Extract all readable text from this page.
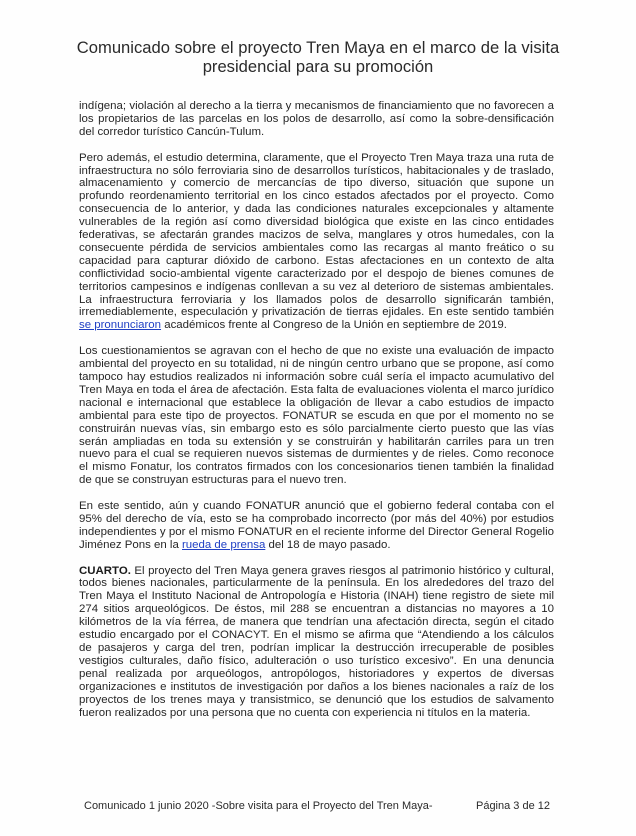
Comunicado sobre el proyecto Tren Maya en el marco de la visita presidencial para su promoción

indígena; violación al derecho a la tierra y mecanismos de financiamiento que no favorecen a los propietarios de las parcelas en los polos de desarrollo, así como la sobre-densificación del corredor turístico Cancún-Tulum.

Pero además, el estudio determina, claramente, que el Proyecto Tren Maya traza una ruta de infraestructura no sólo ferroviaria sino de desarrollos turísticos, habitacionales y de traslado, almacenamiento y comercio de mercancías de tipo diverso, situación que supone un profundo reordenamiento territorial en los cinco estados afectados por el proyecto. Como consecuencia de lo anterior, y dada las condiciones naturales excepcionales y altamente vulnerables de la región así como diversidad biológica que existe en las cinco entidades federativas, se afectarán grandes macizos de selva, manglares y otros humedales, con la consecuente pérdida de servicios ambientales como las recargas al manto freático o su capacidad para capturar dióxido de carbono. Estas afectaciones en un contexto de alta conflictividad socio-ambiental vigente caracterizado por el despojo de bienes comunes de territorios campesinos e indígenas conllevan a su vez al deterioro de sistemas ambientales. La infraestructura ferroviaria y los llamados polos de desarrollo significarán también, irremediablemente, especulación y privatización de tierras ejidales. En este sentido también se pronunciaron académicos frente al Congreso de la Unión en septiembre de 2019.

Los cuestionamientos se agravan con el hecho de que no existe una evaluación de impacto ambiental del proyecto en su totalidad, ni de ningún centro urbano que se propone, así como tampoco hay estudios realizados ni información sobre cuál sería el impacto acumulativo del Tren Maya en toda el área de afectación. Esta falta de evaluaciones violenta el marco jurídico nacional e internacional que establece la obligación de llevar a cabo estudios de impacto ambiental para este tipo de proyectos. FONATUR se escuda en que por el momento no se construirán nuevas vías, sin embargo esto es sólo parcialmente cierto puesto que las vías serán ampliadas en toda su extensión y se construirán y habilitarán carriles para un tren nuevo para el cual se requieren nuevos sistemas de durmientes y de rieles. Como reconoce el mismo Fonatur, los contratos firmados con los concesionarios tienen también la finalidad de que se construyan estructuras para el nuevo tren.

En este sentido, aún y cuando FONATUR anunció que el gobierno federal contaba con el 95% del derecho de vía, esto se ha comprobado incorrecto (por más del 40%) por estudios independientes y por el mismo FONATUR en el reciente informe del Director General Rogelio Jiménez Pons en la rueda de prensa del 18 de mayo pasado.

CUARTO. El proyecto del Tren Maya genera graves riesgos al patrimonio histórico y cultural, todos bienes nacionales, particularmente de la península. En los alrededores del trazo del Tren Maya el Instituto Nacional de Antropología e Historia (INAH) tiene registro de siete mil 274 sitios arqueológicos. De éstos, mil 288 se encuentran a distancias no mayores a 10 kilómetros de la vía férrea, de manera que tendrían una afectación directa, según el citado estudio encargado por el CONACYT. En el mismo se afirma que “Atendiendo a los cálculos de pasajeros y carga del tren, podrían implicar la destrucción irrecuperable de posibles vestigios culturales, daño físico, adulteración o uso turístico excesivo”. En una denuncia penal realizada por arqueólogos, antropólogos, historiadores y expertos de diversas organizaciones e institutos de investigación por daños a los bienes nacionales a raíz de los proyectos de los trenes maya y transistmico, se denunció que los estudios de salvamento fueron realizados por una persona que no cuenta con experiencia ni títulos en la materia.

Comunicado 1 junio 2020 -Sobre visita para el Proyecto del Tren Maya-	Página 3 de 12
